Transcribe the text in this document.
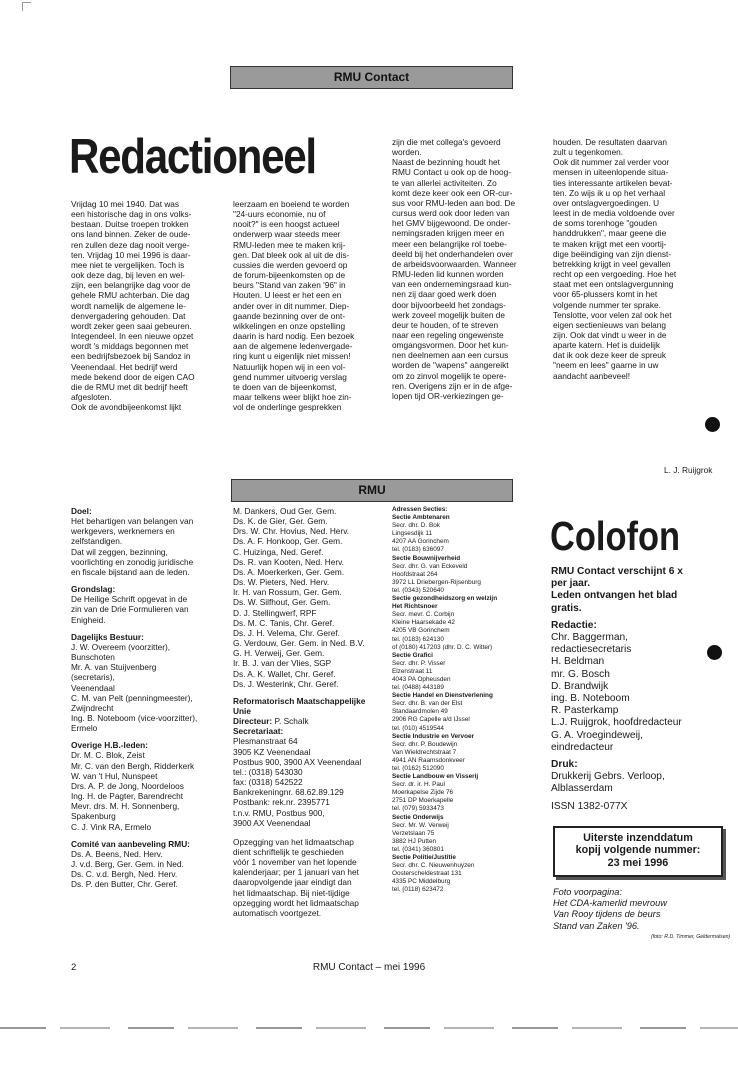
RMU Contact
Redactioneel
Vrijdag 10 mei 1940. Dat was
een historische dag in ons volks-
bestaan. Duitse troepen trokken
ons land binnen. Zeker de oude-
ren zullen deze dag nooit verge-
ten. Vrijdag 10 mei 1996 is daar-
mee niet te vergelijken. Toch is
ook deze dag, bij leven en wel-
zijn, een belangrijke dag voor de
gehele RMU achterban. Die dag
wordt namelijk de algemene le-
denvergadering gehouden. Dat
wordt zeker geen saai gebeuren.
Integendeel. In een nieuwe opzet
wordt 's middags begonnen met
een bedrijfsbezoek bij Sandoz in
Veenendaal. Het bedrijf werd
mede bekend door de eigen CAO
die de RMU met dit bedrijf heeft
afgesloten.
Ook de avondbijeenkomst lijkt
leerzaam en boeiend te worden
"24-uurs economie, nu of
nooit?" is een hoogst actueel
onderwerp waar steeds meer
RMU-leden mee te maken krij-
gen. Dat bleek ook al uit de dis-
cussies die werden gevoerd op
de forum-bijeenkomsten op de
beurs "Stand van zaken '96" in
Houten. U leest er het een en
ander over in dit nummer. Diep-
gaande bezinning over de ont-
wikkelingen en onze opstelling
daarin is hard nodig. Een bezoek
aan de algemene ledenvergade-
ring kunt u eigenlijk niet missen!
Natuurlijk hopen wij in een vol-
gend nummer uitvoerig verslag
te doen van de bijeenkomst,
maar telkens weer blijkt hoe zin-
vol de onderlinge gesprekken
zijn die met collega's gevoerd
worden.
Naast de bezinning houdt het
RMU Contact u ook op de hoog-
te van allerlei activiteiten. Zo
komt deze keer ook een OR-cur-
sus voor RMU-leden aan bod. De
cursus werd ook door leden van
het GMV bijgewoond. De onder-
nemingsraden krijgen meer en
meer een belangrijke rol toebe-
deeld bij het onderhandelen over
de arbeidsvoorwaarden. Wanneer
RMU-leden lid kunnen worden
van een ondernemingsraad kun-
nen zij daar goed werk doen
door bijvoorbeeld het zondags-
werk zoveel mogelijk buiten de
deur te houden, of te streven
naar een regeling ongewenste
omgangsvormen. Door het kun-
nen deelnemen aan een cursus
worden de "wapens" aangereikt
om zo zinvol mogelijk te opere-
ren. Overigens zijn er in de afge-
lopen tijd OR-verkiezingen ge-
houden. De resultaten daarvan
zult u tegenkomen.
Ook dit nummer zal verder voor
mensen in uiteenlopende situa-
ties interessante artikelen bevat-
ten. Zo wijs ik u op het verhaal
over ontslagvergoedingen. U
leest in de media voldoende over
de soms torenhoge "gouden
handdrukken", maar geene die
te maken krijgt met een voortij-
dige beëindiging van zijn dienst-
betrekking krijgt in veel gevallen
recht op een vergoeding. Hoe het
staat met een ontslagvergunning
voor 65-plussers komt in het
volgende nummer ter sprake.
Tenslotte, voor velen zal ook het
eigen sectienieuws van belang
zijn. Ook dat vindt u weer in de
aparte katern. Het is duidelijk
dat ik ook deze keer de spreuk
"neem en lees" gaarne in uw
aandacht aanbeveel!
L. J. Ruijgrok
RMU
Doel:
Het behartigen van belangen van
werkgevers, werknemers en
zelfstandigen.
Dat wil zeggen, bezinning,
voorlichting en zonodig juridische
en fiscale bijstand aan de leden.
Grondslag:
De Heilige Schrift opgevat in de
zin van de Drie Formulieren van
Enigheid.
Dagelijks Bestuur:
J. W. Overeem (voorzitter),
Bunschoten
Mr. A. van Stuijvenberg
(secretaris),
Veenendaal
C. M. van Pelt (penningmeester),
Zwijndrecht
Ing. B. Noteboom (vice-voorzitter),
Ermelo
Overige H.B.-leden:
Dr. M. C. Blok, Zeist
Mr. C. van den Bergh, Ridderkerk
W. van 't Hul, Nunspeet
Drs. A. P. de Jong, Noordeloos
Ing. H. de Pagter, Barendrecht
Mevr. drs. M. H. Sonnenberg,
Spakenburg
C. J. Vink RA, Ermelo
Comité van aanbeveling RMU:
Ds. A. Beens, Ned. Herv.
J. v.d. Berg, Ger. Gem. in Ned.
Ds. C. v.d. Bergh, Ned. Herv.
Ds. P. den Butter, Chr. Geref.
M. Dankers, Oud Ger. Gem.
Ds. K. de Gier, Ger. Gem.
Drs. W. Chr. Hovius, Ned. Herv.
Ds. A. F. Honkoop, Ger. Gem.
C. Huizinga, Ned. Geref.
Ds. R. van Kooten, Ned. Herv.
Ds. A. Moerkerken, Ger. Gem.
Ds. W. Pieters, Ned. Herv.
Ir. H. van Rossum, Ger. Gem.
Ds. W. Silfhout, Ger. Gem.
D. J. Stellingwerf, RPF
Ds. M. C. Tanis, Chr. Geref.
Ds. J. H. Velema, Chr. Geref.
G. Verdouw, Ger. Gem. in Ned. B.V.
G. H. Verweij, Ger. Gem.
Ir. B. J. van der Vlies, SGP
Ds. A. K. Wallet, Chr. Geref.
Ds. J. Westerink, Chr. Geref.
Reformatorisch Maatschappelijke
Unie
Directeur: P. Schalk
Secretariaat:
Plesmanstraat 64
3905 KZ Veenendaal
Postbus 900, 3900 AX Veenendaal
tel.: (0318) 543030
fax: (0318) 542522
Bankrekeningnr. 68.62.89.129
Postbank: rek.nr. 2395771
t.n.v. RMU, Postbus 900,
3900 AX Veenendaal
Opzegging van het lidmaatschap
dient schriftelijk te geschieden
vóór 1 november van het lopende
kalenderjaar; per 1 januari van het
daaropvolgende jaar eindigt dan
het lidmaatschap. Bij niet-tijdige
opzegging wordt het lidmaatschap
automatisch voortgezet.
Adressen Secties:
Sectie Ambtenaren
Secr. dhr. D. Bok
Lingsesdijk 11
4207 AA Gorinchem
tel. (0183) 636097
Sectie Bouwnijverheid
Secr. dhr. G. van Eckeveld
Hoofdstraat 264
3972 LL Driebergen-Rijsenburg
tel. (0343) 520640
Sectie gezondheidszorg en welzijn
Het Richtsnoer
Secr. mevr. C. Corbijn
Kleine Haarsekade 42
4205 VB Gorinchem
tel. (0183) 624130
of (0180) 417203 (dhr. D. C. Witter)
Sectie Grafici
Secr. dhr. P. Visser
Elzenstraat 11
4043 PA Opheusden
tel. (0488) 443189
Sectie Handel en Dienstverlening
Secr. dhr. B. van der Elst
Standaardmolen 49
2906 RG Capelle a/d IJssel
tel. (010) 4519544
Sectie Industrie en Vervoer
Secr. dhr. P. Boudewijn
Van Wieldrechtstraat 7
4941 AN Raamsdonkveer
tel. (0162) 512090
Sectie Landbouw en Visserij
Secr. dr. ir. H. Paul
Moerkapelse Zijde 76
2751 DP Moerkapelle
tel. (079) 5933473
Sectie Onderwijs
Secr. Mr. W. Verweij
Verzetslaan 75
3882 HJ Putten
tel. (0341) 360801
Sectie Politie/Justitie
Secr. dhr. C. Nieuwenhuyzen
Oosterscheldestraat 131
4335 PC Middelburg
tel. (0118) 623472
Colofon
RMU Contact verschijnt 6 x
per jaar.
Leden ontvangen het blad
gratis.
Redactie:
Chr. Baggerman,
redactiesecretaris
H. Beldman
mr. G. Bosch
D. Brandwijk
ing. B. Noteboom
R. Pasterkamp
L.J. Ruijgrok, hoofdredacteur
G. A. Vroegindeweij,
eindredacteur
Druk:
Drukkerij Gebrs. Verloop,
Alblasserdam
ISSN 1382-077X
Uiterste inzenddatum
kopij volgende nummer:
23 mei 1996
Foto voorpagina:
Het CDA-kamerlid mevrouw
Van Rooy tijdens de beurs
Stand van Zaken '96.
(foto: R.D. Timmer, Geldermalsen)
2	RMU Contact – mei 1996
